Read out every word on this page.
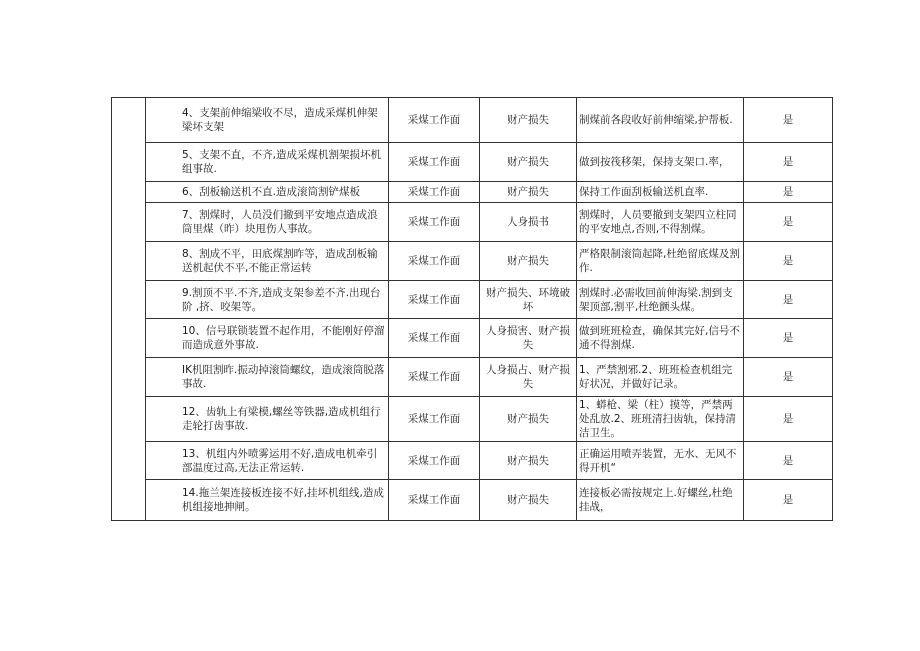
	4、支架前伸缩梁收不尽，造成采煤机伸架梁坏支架	采煤工作面	财产损失	制煤前各段收好前伸缩梁,护帮板.	是
	5、支架不直，不齐,造成采煤机割架损坏机组事故.	采煤工作面	财产损失	做到按筏移架，保持支架口.率，	是
	6、刮板输送机不直.造成滚筒割铲煤板	采煤工作面	财产损失	保持工作面刮板输送机直率.	是
	7、割煤时，人员没们撤到平安地点造成浪筒里煤（昨）块甩伤人事故。	采煤工作面	人身损书	割煤时，人员要撤到支架四立柱同的平安地点,否则,不得割煤。	是
	8、割成不平，田底煤割昨等，造成刮板输送机起伏不平,不能正常运转	采煤工作面	财产损失	严格限制滚筒起降,杜绝留底煤及割作.	是
	9.割顶不平.不齐,造成支架参差不齐.出现台阶 ,挤、咬架等。	采煤工作面	财产损失、环境破坏	割煤时.必需收回前伸海梁.割到支架顶部,割平,杜绝颤头煤。	是
	10、信号联锁装置不起作用，不能刚好停溜而造成意外事故.	采煤工作面	人身损害、财产损失	做到班班检查，确保其完好,信号不通不得割煤.	是
	IK机阻割昨.振动掉滚筒螺纹，造成滚筒脱落事故.	采煤工作面	人身损占、财产损失	1、严禁割邪.2、班班检查机组完好状况，并做好记录。	是
	12、齿轨上有梁模,螺丝等铁器,造成机组行走轮打齿事故.	采煤工作面	财产损失	1、蟒枪、梁（柱）摸等，严禁两处乱放.2、班班清扫齿轨，保持清洁卫生。	是
	13、机组内外喷雾运用不好,造成电机牵引部温度过高,无法正常运转.	采煤工作面	财产损失	正确运用喷弄装置，无水、无风不得开机“	是
	14.拖兰架连接板连接不好,挂坏机组线,造成机组接地抻闸。	采煤工作面	财产损失	连接板必需按规定上.好螺丝,杜绝挂战，	是
